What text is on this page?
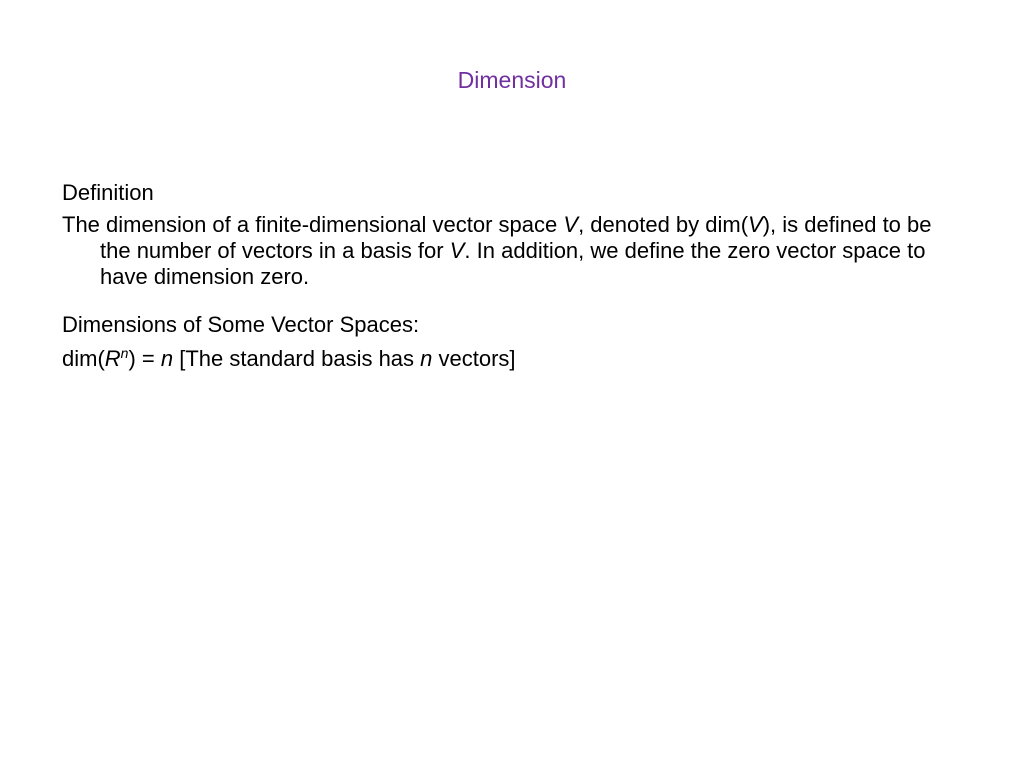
Dimension

Definition

The dimension of a finite-dimensional vector space V, denoted by dim(V), is defined to be the number of vectors in a basis for V. In addition, we define the zero vector space to have dimension zero.

Dimensions of Some Vector Spaces:

$dim(R^n) = n$ [The standard basis has n vectors]
